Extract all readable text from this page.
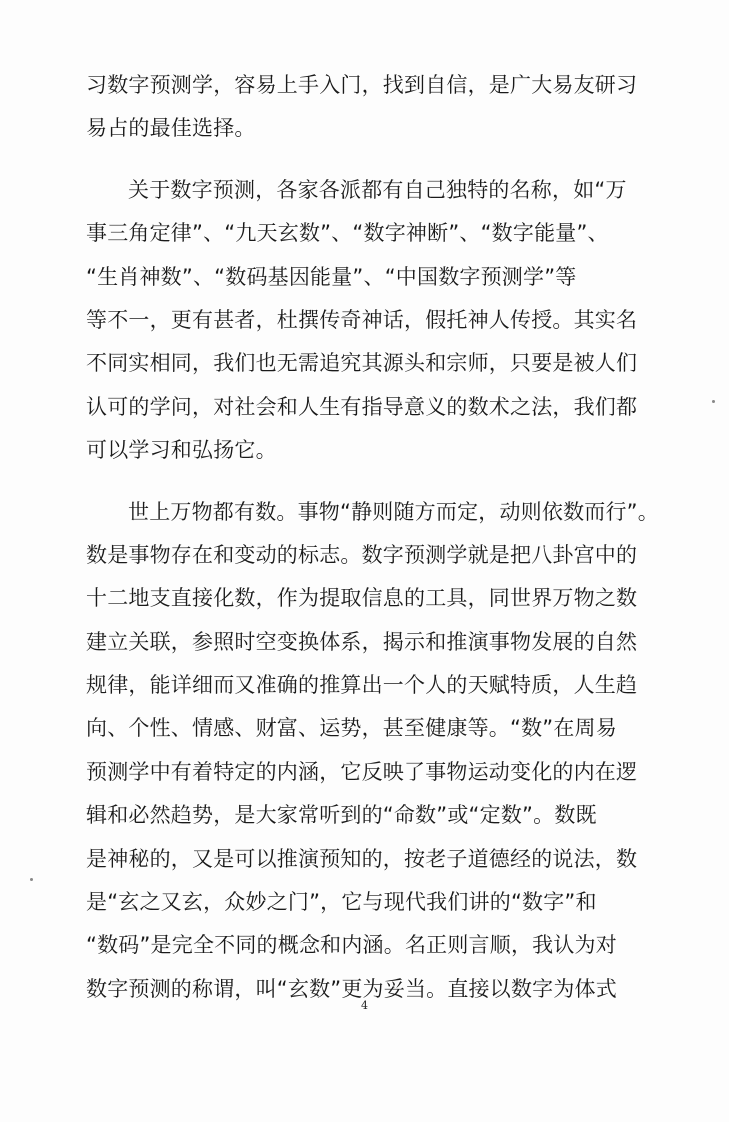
习数字预测学，容易上手入门，找到自信，是广大易友研习
易占的最佳选择。
关于数字预测，各家各派都有自己独特的名称，如“万
事三角定律”、“九天玄数”、“数字神断”、“数字能量”、
“生肖神数”、“数码基因能量”、“中国数字预测学”等
等不一，更有甚者，杜撰传奇神话，假托神人传授。其实名
不同实相同，我们也无需追究其源头和宗师，只要是被人们
认可的学问，对社会和人生有指导意义的数术之法，我们都
可以学习和弘扬它。
世上万物都有数。事物“静则随方而定，动则依数而行”。
数是事物存在和变动的标志。数字预测学就是把八卦宫中的
十二地支直接化数，作为提取信息的工具，同世界万物之数
建立关联，参照时空变换体系，揭示和推演事物发展的自然
规律，能详细而又准确的推算出一个人的天赋特质，人生趋
向、个性、情感、财富、运势，甚至健康等。“数”在周易
预测学中有着特定的内涵，它反映了事物运动变化的内在逻
辑和必然趋势，是大家常听到的“命数”或“定数”。数既
是神秘的，又是可以推演预知的，按老子道德经的说法，数
是“玄之又玄，众妙之门”，它与现代我们讲的“数字”和
“数码”是完全不同的概念和内涵。名正则言顺，我认为对
数字预测的称谓，叫“玄数”更为妥当。直接以数字为体式
4
